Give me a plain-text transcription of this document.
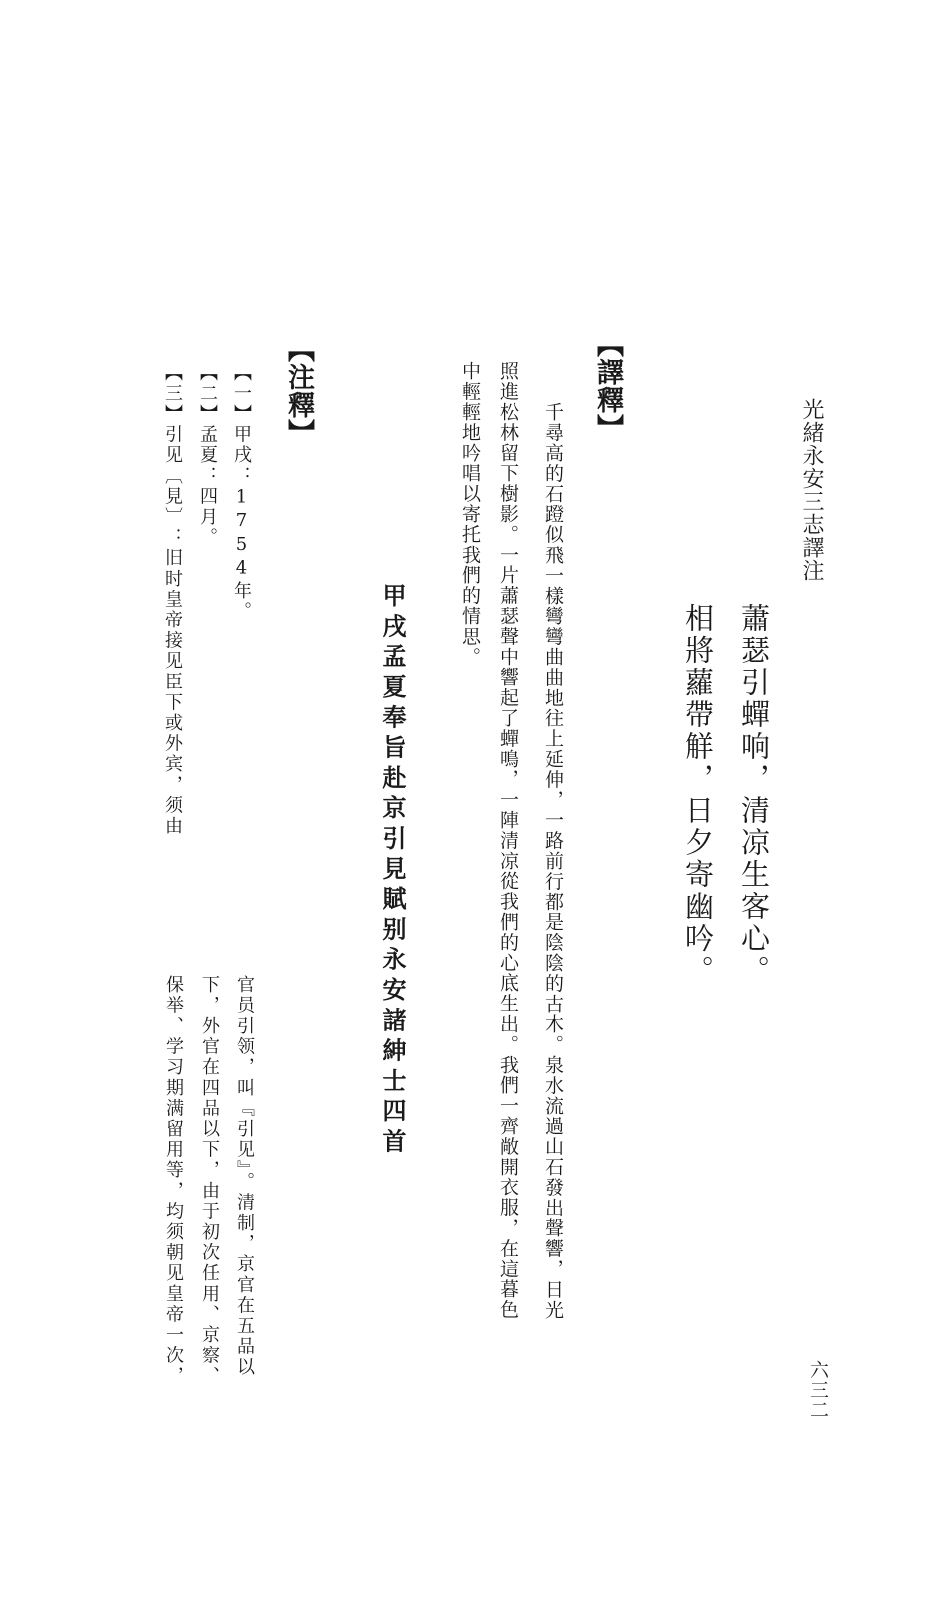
光緒永安三志譯注
六三二
蕭瑟引蟬响，清凉生客心。
相將蘿帶觧，日夕寄幽吟。
【譯釋】
千尋高的石蹬似飛一樣彎彎曲曲地往上延伸，一路前行都是陰陰的古木。泉水流過山石發出聲響，日光
照進松林留下樹影。一片蕭瑟聲中響起了蟬鳴，一陣清凉從我們的心底生出。我們一齊敞開衣服，在這暮色
中輕輕地吟唱以寄托我們的情思。
甲戌孟夏奉旨赴京引見賦别永安諸紳士四首
【注釋】
【一】甲戌：1754年。
【二】孟夏：四月。
【三】引见〔見〕：旧时皇帝接见臣下或外宾，须由
官员引领，叫『引见』。清制，京官在五品以
下，外官在四品以下，由于初次任用、京察、
保举、学习期满留用等，均须朝见皇帝一次，
